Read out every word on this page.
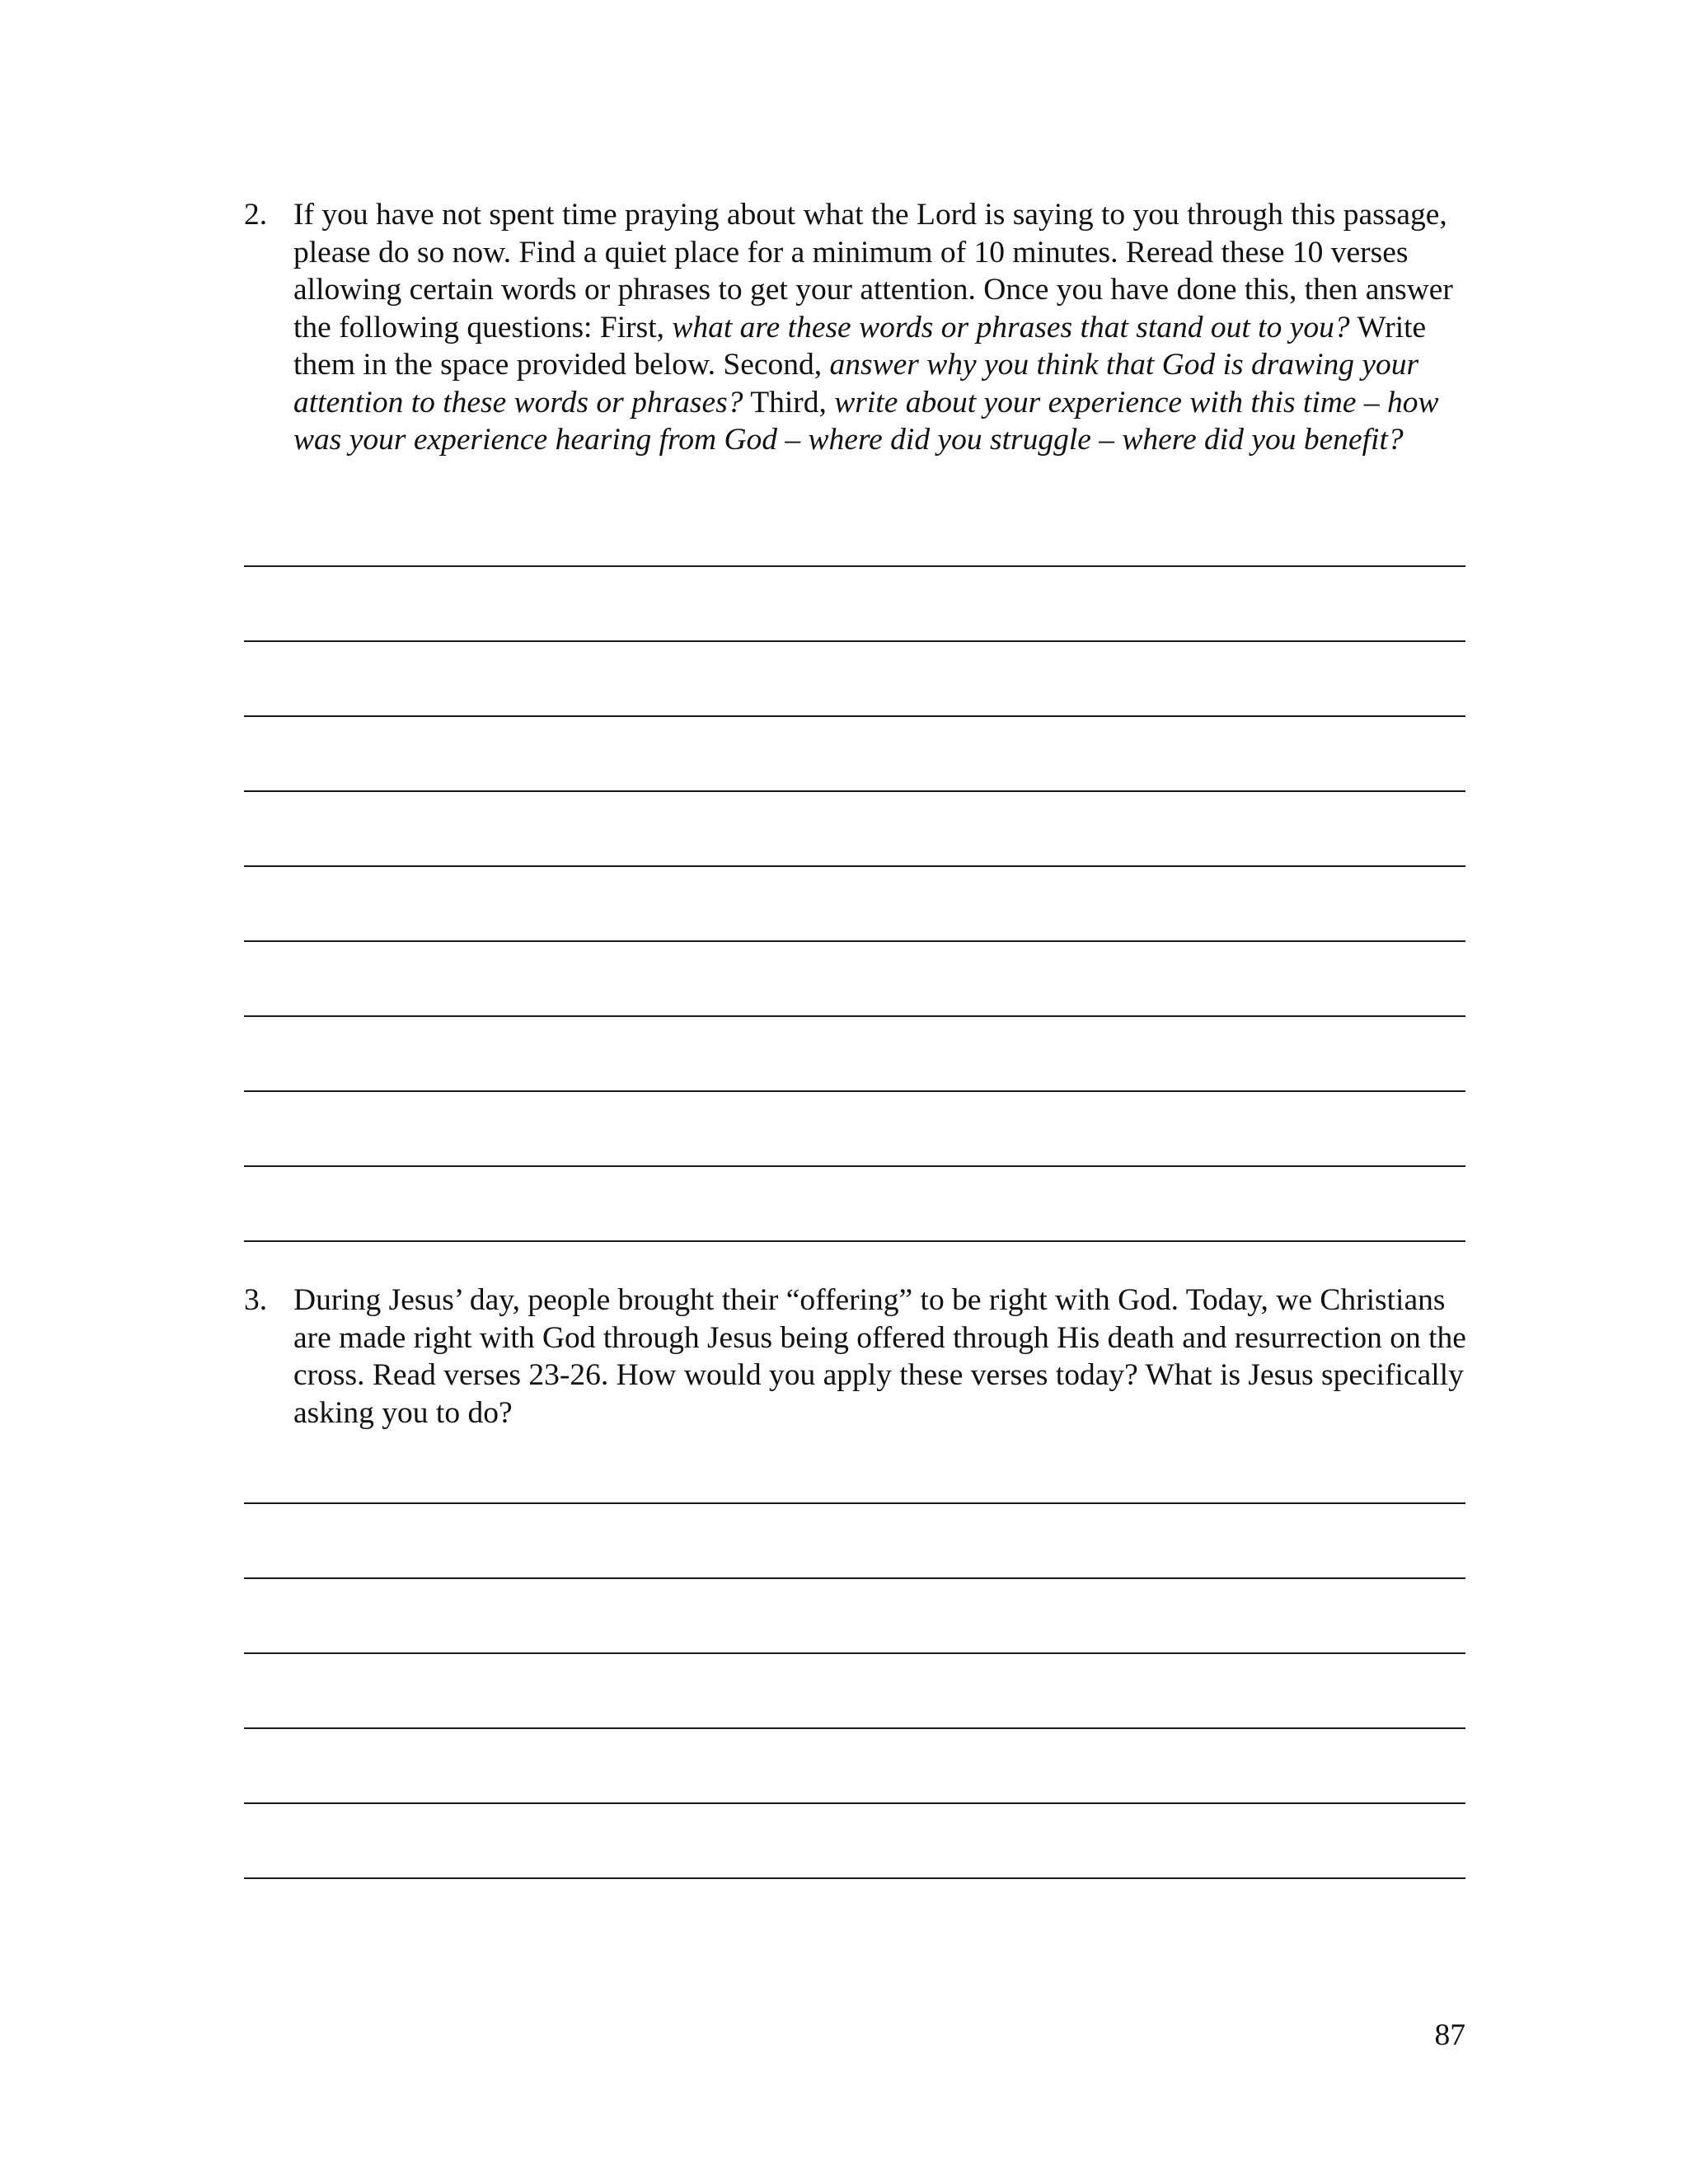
2. If you have not spent time praying about what the Lord is saying to you through this passage, please do so now. Find a quiet place for a minimum of 10 minutes. Reread these 10 verses allowing certain words or phrases to get your attention. Once you have done this, then answer the following questions: First, what are these words or phrases that stand out to you? Write them in the space provided below. Second, answer why you think that God is drawing your attention to these words or phrases? Third, write about your experience with this time – how was your experience hearing from God – where did you struggle – where did you benefit?
3. During Jesus’ day, people brought their “offering” to be right with God. Today, we Christians are made right with God through Jesus being offered through His death and resurrection on the cross. Read verses 23-26. How would you apply these verses today? What is Jesus specifically asking you to do?
87
